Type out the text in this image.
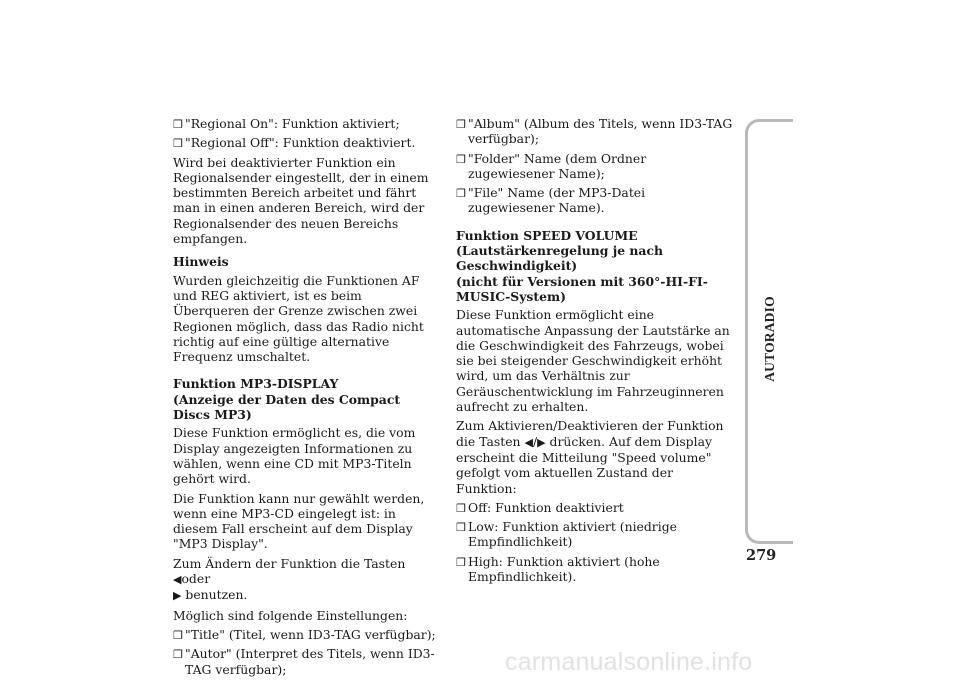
❒ "Regional On": Funktion aktiviert;
❒ "Regional Off": Funktion deaktiviert.

Wird bei deaktivierter Funktion ein Regionalsender eingestellt, der in einem bestimmten Bereich arbeitet und fährt man in einen anderen Bereich, wird der Regionalsender des neuen Bereichs empfangen.

Hinweis

Wurden gleichzeitig die Funktionen AF und REG aktiviert, ist es beim Überqueren der Grenze zwischen zwei Regionen möglich, dass das Radio nicht richtig auf eine gültige alternative Frequenz umschaltet.

Funktion MP3-DISPLAY
(Anzeige der Daten des Compact Discs MP3)

Diese Funktion ermöglicht es, die vom Display angezeigten Informationen zu wählen, wenn eine CD mit MP3-Titeln gehört wird.

Die Funktion kann nur gewählt werden, wenn eine MP3-CD eingelegt ist: in diesem Fall erscheint auf dem Display "MP3 Display".

Zum Ändern der Funktion die Tasten ◀oder
▶ benutzen.

Möglich sind folgende Einstellungen:

❒ "Title" (Titel, wenn ID3-TAG verfügbar);
❒ "Autor" (Interpret des Titels, wenn ID3-TAG verfügbar);
❒ "Album" (Album des Titels, wenn ID3-TAG verfügbar);
❒ "Folder" Name (dem Ordner zugewiesener Name);
❒ "File" Name (der MP3-Datei zugewiesener Name).

Funktion SPEED VOLUME
(Lautstärkenregelung je nach Geschwindigkeit)
(nicht für Versionen mit 360°-HI-FI-MUSIC-System)

Diese Funktion ermöglicht eine automatische Anpassung der Lautstärke an die Geschwindigkeit des Fahrzeugs, wobei sie bei steigender Geschwindigkeit erhöht wird, um das Verhältnis zur Geräuschentwicklung im Fahrzeuginneren aufrecht zu erhalten.

Zum Aktivieren/Deaktivieren der Funktion die Tasten ◀/▶ drücken. Auf dem Display erscheint die Mitteilung "Speed volume" gefolgt vom aktuellen Zustand der Funktion:

❒ Off: Funktion deaktiviert
❒ Low: Funktion aktiviert (niedrige Empfindlichkeit)
❒ High: Funktion aktiviert (hohe Empfindlichkeit).
AUTORADIO
279
carmanualsonline.info
